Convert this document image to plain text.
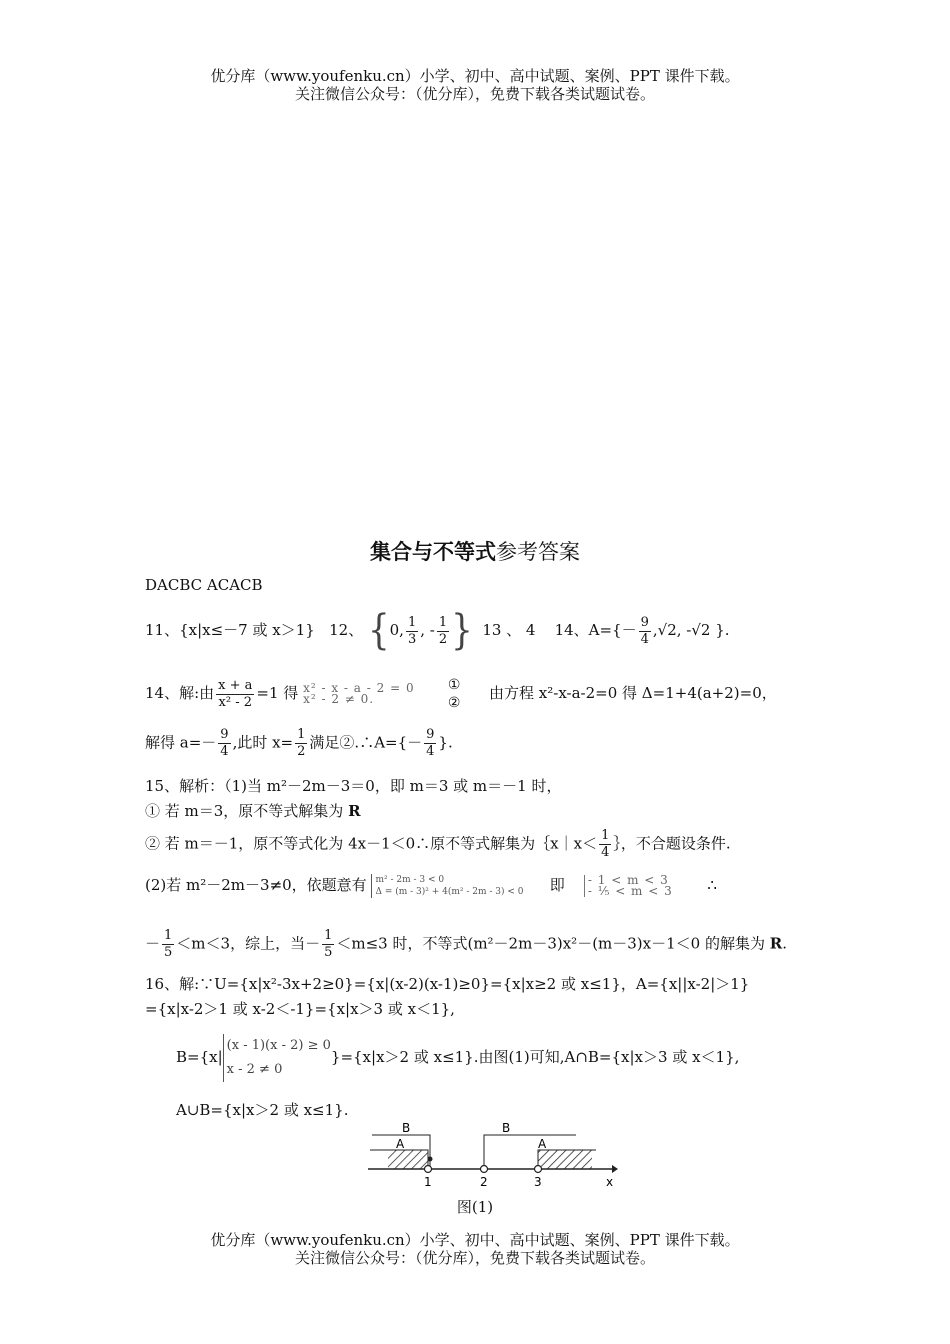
优分库（www.youfenku.cn）小学、初中、高中试题、案例、PPT 课件下载。
关注微信公众号：（优分库），免费下载各类试题试卷。
集合与不等式参考答案
DACBC ACACB
11、{x|x≤－7 或 x＞1} 12、 {0, $\frac{1}{3}$ , - $\frac{1}{2}$ } 13 、 4 14、$A=\{- \frac{9}{4} ,√2$, -√2 }.
14、解:由 $\frac{x + a}{\text{x² - 2}} =1$ 得 x² - x - a - 2 = 0
x² - 2 ≠ 0.
①
②
由方程 x²-x-a-2=0 得 Δ=1+4(a+2)=0，
解得 $a=- \frac{9}{4}$ ,此时 $x= \frac{1}{2}$ 满足②.∴A={－ $\frac{9}{4}$ }.
15、解析：（1)当 m²－2m－3＝0，即 m＝3 或 m＝－1 时，
① 若 m＝3，原不等式解集为 R
② 若 m＝－1，原不等式化为 4x－1＜0∴原不等式解集为｛x｜x＜ $\frac{1}{4}$ ｝，不合题设条件.
(2)若 m²－2m－3≠0，依题意有 m² - 2m - 3 < 0
Δ = (m - 3)² + 4(m² - 2m - 3) < 0	即 - 1 < m < 3
- ⅕ < m < 3 ∴
－ $\frac{1}{5} <m<3$，综上，当－ $\frac{1}{5} <m\le 3$ 时，不等式(m²－2m－3)x²－(m－3)x－1＜0 的解集为 R.
16、解:∵U={x|x²-3x+2≥0}={x|(x-2)(x-1)≥0}={x|x≥2 或 x≤1}，A={x||x-2|＞1}
={x|x-2＞1 或 x-2＜-1}={x|x＞3 或 x＜1},
B={x|
(x - 1)(x - 2) ≥ 0
x - 2 ≠ 0
}={x|x＞2 或 x≤1}.由图(1)可知,A∩B={x|x＞3 或 x＜1},
A∪B={x|x＞2 或 x≤1}.
B
A
B
A
1	2	3	x
图(1)
优分库（www.youfenku.cn）小学、初中、高中试题、案例、PPT 课件下载。
关注微信公众号：（优分库），免费下载各类试题试卷。
